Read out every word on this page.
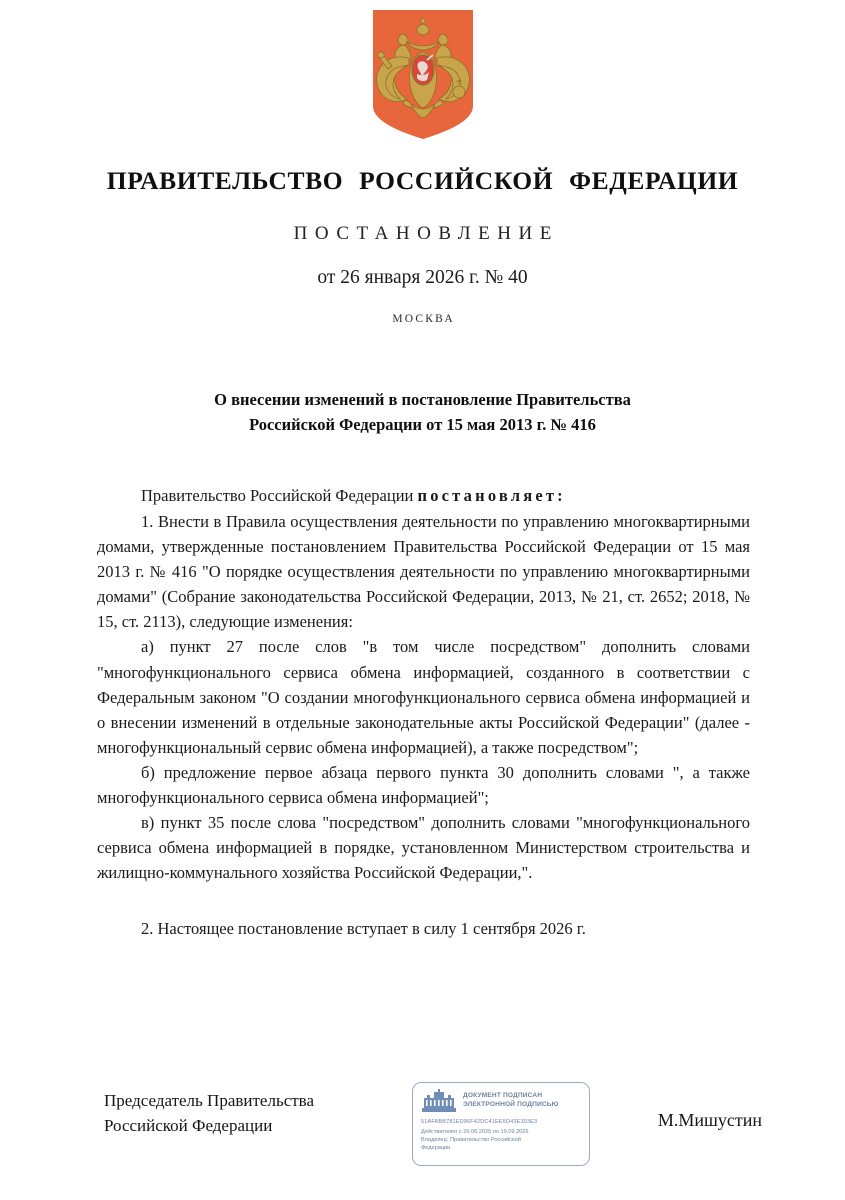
ПРАВИТЕЛЬСТВО РОССИЙСКОЙ ФЕДЕРАЦИИ
ПОСТАНОВЛЕНИЕ
от 26 января 2026 г. № 40
МОСКВА
О внесении изменений в постановление Правительства
Российской Федерации от 15 мая 2013 г. № 416
Правительство Российской Федерации постановляет:

1. Внести в Правила осуществления деятельности по управлению многоквартирными домами, утвержденные постановлением Правительства Российской Федерации от 15 мая 2013 г. № 416 "О порядке осуществления деятельности по управлению многоквартирными домами" (Собрание законодательства Российской Федерации, 2013, № 21, ст. 2652; 2018, № 15, ст. 2113), следующие изменения:

а) пункт 27 после слов "в том числе посредством" дополнить словами "многофункционального сервиса обмена информацией, созданного в соответствии с Федеральным законом "О создании многофункционального сервиса обмена информацией и о внесении изменений в отдельные законодательные акты Российской Федерации" (далее - многофункциональный сервис обмена информацией), а также посредством";

б) предложение первое абзаца первого пункта 30 дополнить словами ", а также многофункционального сервиса обмена информацией";

в) пункт 35 после слова "посредством" дополнить словами "многофункционального сервиса обмена информацией в порядке, установленном Министерством строительства и жилищно-коммунального хозяйства Российской Федерации,".

2. Настоящее постановление вступает в силу 1 сентября 2026 г.

Председатель Правительства
Российской Федерации
ДОКУМЕНТ ПОДПИСАН
ЭЛЕКТРОННОЙ ПОДПИСЬЮ
51AFABB781ED96F42DC41EE5D43E303E3
Действителен с 26.06.2025 по 19.09.2026
Владелец: Правительство Российской
Федерации
М.Мишустин
